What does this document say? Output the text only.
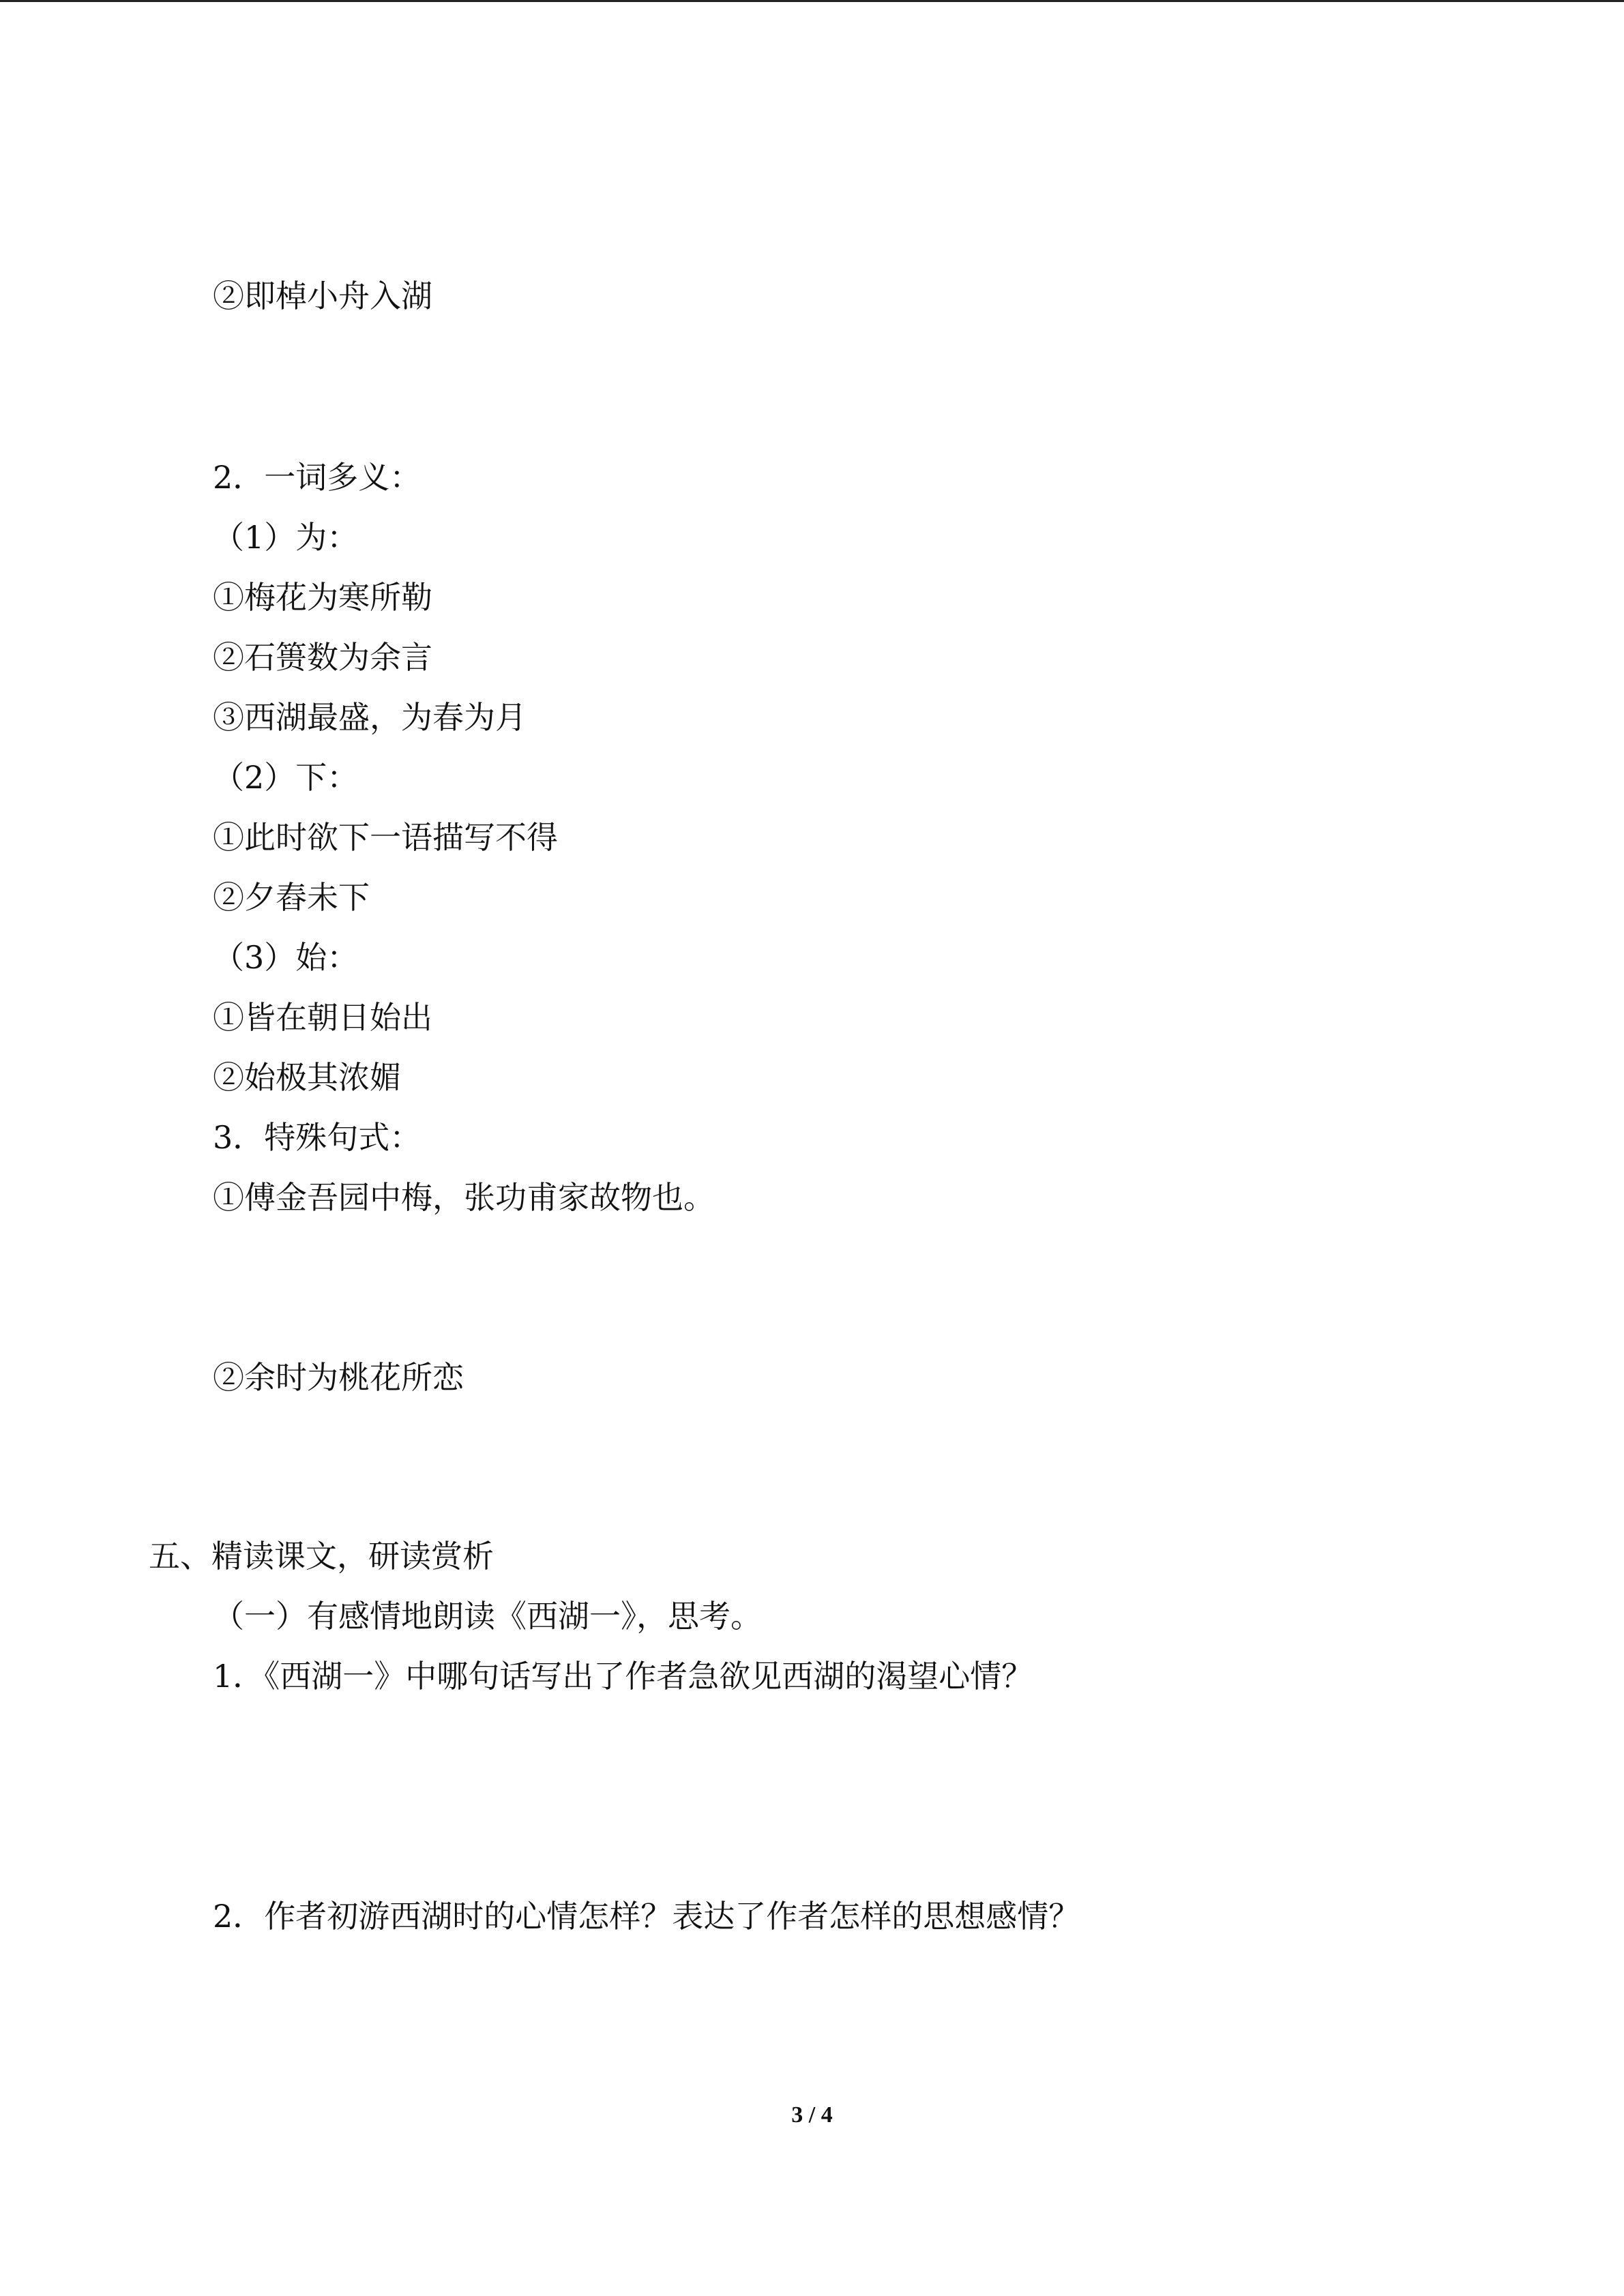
②即棹小舟入湖
2．一词多义：
（1）为：
①梅花为寒所勒
②石篑数为余言
③西湖最盛，为春为月
（2）下：
①此时欲下一语描写不得
②夕舂未下
（3）始：
①皆在朝日始出
②始极其浓媚
3．特殊句式：
①傅金吾园中梅，张功甫家故物也。
②余时为桃花所恋
五、精读课文，研读赏析
（一）有感情地朗读《西湖一》，思考。
1．《西湖一》中哪句话写出了作者急欲见西湖的渴望心情？
2．作者初游西湖时的心情怎样？表达了作者怎样的思想感情？
3 / 4
